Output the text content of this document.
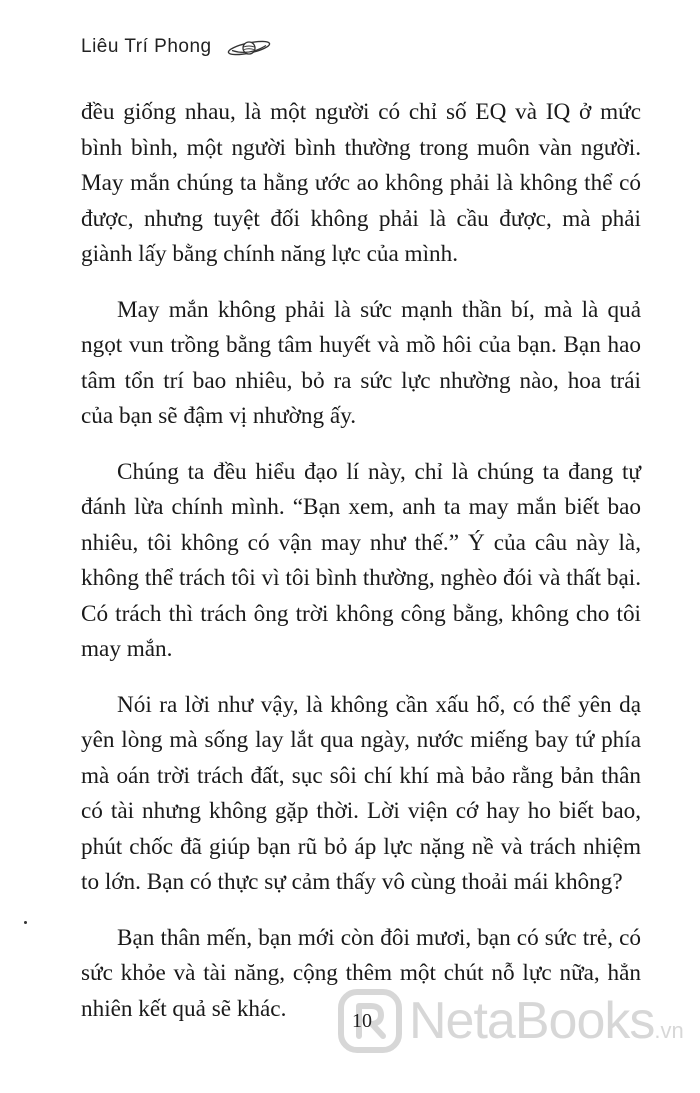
Liêu Trí Phong

đều giống nhau, là một người có chỉ số EQ và IQ ở mức bình bình, một người bình thường trong muôn vàn người. May mắn chúng ta hằng ước ao không phải là không thể có được, nhưng tuyệt đối không phải là cầu được, mà phải giành lấy bằng chính năng lực của mình.

May mắn không phải là sức mạnh thần bí, mà là quả ngọt vun trồng bằng tâm huyết và mồ hôi của bạn. Bạn hao tâm tổn trí bao nhiêu, bỏ ra sức lực nhường nào, hoa trái của bạn sẽ đậm vị nhường ấy.

Chúng ta đều hiểu đạo lí này, chỉ là chúng ta đang tự đánh lừa chính mình. “Bạn xem, anh ta may mắn biết bao nhiêu, tôi không có vận may như thế.” Ý của câu này là, không thể trách tôi vì tôi bình thường, nghèo đói và thất bại. Có trách thì trách ông trời không công bằng, không cho tôi may mắn.

Nói ra lời như vậy, là không cần xấu hổ, có thể yên dạ yên lòng mà sống lay lắt qua ngày, nước miếng bay tứ phía mà oán trời trách đất, sục sôi chí khí mà bảo rằng bản thân có tài nhưng không gặp thời. Lời viện cớ hay ho biết bao, phút chốc đã giúp bạn rũ bỏ áp lực nặng nề và trách nhiệm to lớn. Bạn có thực sự cảm thấy vô cùng thoải mái không?

Bạn thân mến, bạn mới còn đôi mươi, bạn có sức trẻ, có sức khỏe và tài năng, cộng thêm một chút nỗ lực nữa, hẳn nhiên kết quả sẽ khác.	NetaBooks.vn
10
